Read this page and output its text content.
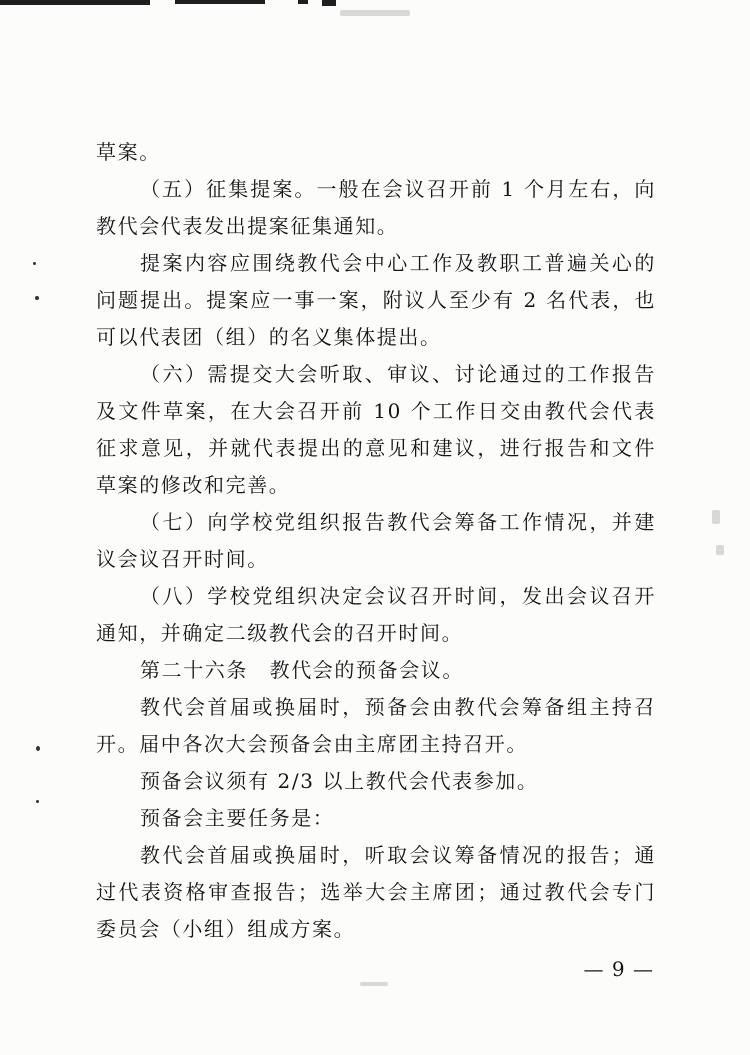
草案。

（五）征集提案。一般在会议召开前 1 个月左右，向教代会代表发出提案征集通知。

提案内容应围绕教代会中心工作及教职工普遍关心的问题提出。提案应一事一案，附议人至少有 2 名代表，也可以代表团（组）的名义集体提出。

（六）需提交大会听取、审议、讨论通过的工作报告及文件草案，在大会召开前 10 个工作日交由教代会代表征求意见，并就代表提出的意见和建议，进行报告和文件草案的修改和完善。

（七）向学校党组织报告教代会筹备工作情况，并建议会议召开时间。

（八）学校党组织决定会议召开时间，发出会议召开通知，并确定二级教代会的召开时间。

第二十六条　教代会的预备会议。

教代会首届或换届时，预备会由教代会筹备组主持召开。届中各次大会预备会由主席团主持召开。

预备会议须有 2/3 以上教代会代表参加。

预备会主要任务是：

教代会首届或换届时，听取会议筹备情况的报告；通过代表资格审查报告；选举大会主席团；通过教代会专门委员会（小组）组成方案。

— 9 —
